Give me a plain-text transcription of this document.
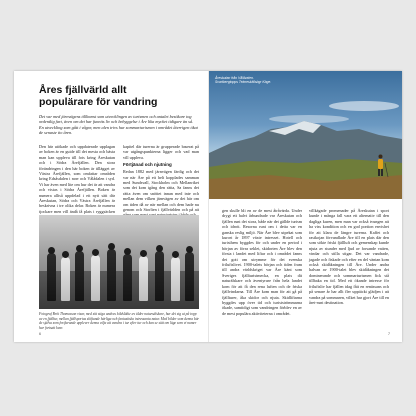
Åres fjällvärld allt
populärare för vandring

Det var med järnvägens tillkomst som utvecklingen av turismen och antalet besökare tog ordentlig fart, även om det har funnits liv och bebyggelse i Åre lika mycket tidigare än så. En utveckling som gått i vågor, men alen trivs hur sommarturismen i området återrigen ökat de senaste tio åren.

Den här utökade och uppdaterade upplagan av boken är en guide till det mesta och bästa man kan uppleva till fots kring Åreskutan och i Södra Årefjällen. Den stora förändringen i den här boken är tillägget av Västra Årefjällen, som omfattar områden kring Edsåsdalen i norr och Vålådalen i syd. Vi har även med lite om hur det är att vandra och vistas i Södra Årefjällen. Boken är numera alltså uppdelad i ett nytt sätt där Åreskutan, Södra och Västra Årefjällen är beskrivna i tre olika delar. Boken är numera tjockare men vill ändå få plats i ryggsäcken

kapitel där turerna är grupperade baserat på var utgångspunkterna ligger och vad man vill uppleva.

Förtjänad och njutning

Redan 1882 med järnvägen färdig och det var när Åre på ett helt kopplades samman med Sundsvall, Stockholm och Mellanriket som det kom igång den rätta, Sa fanns det rätta även om snöttet innan med inte och mellan dem vilken järnvägen av det här om om tiden då av när mellan och dem hade nu genom och Storlien i fjällvärlden och på att

Fotograf Bröt Thomasson visar, med sitt stiga andras bildsläkte av äldre natursälskare, hur det sig ut på topp av en fjälltur, mellan fjällsportas skiftande härliga och fantastiska intressanta natur. Med bilder som denna bär de själva som fortfarande upplever denna vilja att vandra i tur efter tur och kan se sätt om läge som vi numer har fortsatt kvar.

6
Åreskutan från Vålåvalen.
Svartbergtopps Tekneskällsbgr Kbge.

gen skulle bli en av de mest åtråvärda. Under drygt ett halvt århundrade var Åreskutan och fjällen runt det stora, både när det gällde turism och idrott. Resorna runt om i detta var en ganska reslig miljö. När Åre blev utpekat som kurort år 1897 växte intresset. Hotell och turisthem byggdes för och under en period i början av förra seklet, skidorten Åre blev den första i landet med liftar och i området fanns det gott om utrymme för det svenska friluftslivet. 1900-talets början och tiden fram till andra världskriget var Åre känt som Sveriges fjällturistmecka, en plats dit naturälskare och äventyrare från hela landet kom för att få den rena luften och de friska fjällvindarna. Till Åre kom man för att gå på fjällturer, åka skidor och njuta. Skidliftarna byggdes upp över tid och turistströmmarna ökade, samtidigt som vandringen förblev en av de mest populära aktiviteterna i området.

villkägade promenader på Åreskutan i sport kunde i många fall vara ett alternativ till den dagliga kuren, men man var också tvungen att ha viss kondition och en god portion envishet för att klara de längre turerna. Kaffet och rastkojan förvandlade Åre till en plats där den som sökte friskt fjällluft och gemenskap kunde njuta av stunder med ljud av forsande vatten, vindar och stilla stigar. Det var vandrade, jagade och fiskade och efter en del väntan kom också skidåkningen till Åre. Under andra halvan av 1900-talet blev skidåkningen det dominerande och sommarturismen fick stå tillbaka en tid. Med ett ökande intresse för friluftsliv har fjällen idag fått en renässans och på senare år har allt fler upptäckt glädjen i att vandra på sommaren, vilket har gjort Åre till en året-runt destination.

7
